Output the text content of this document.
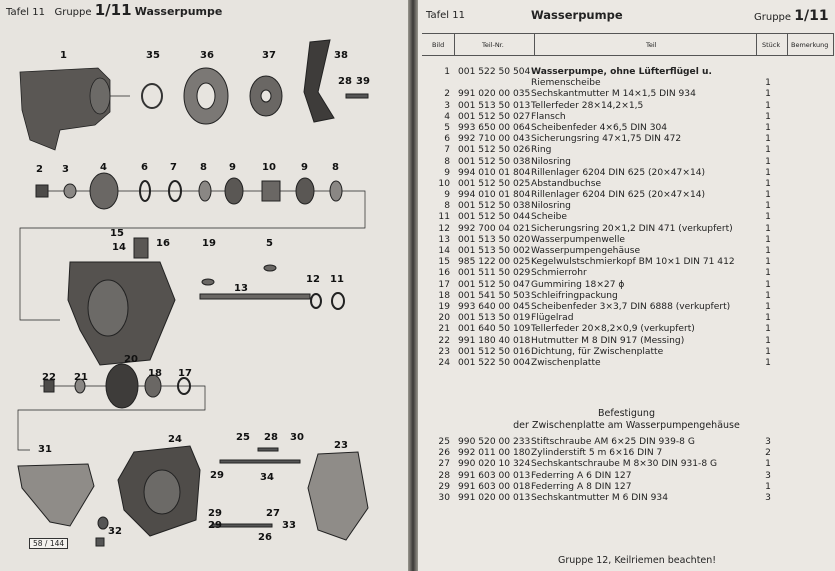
Tafel 11 Gruppe 1/11 Wasserpumpe
1	35	36	37	38
28 39
2 3	4	6 7 8 9	10	9 8
15
16
14	19	5
13
12 11
20
22 21	18 17
24	25 28 30
31	23
29	34
29	27
29	33
26
32
58 / 144
Tafel 11	Wasserpumpe	Gruppe 1/11
Bild	Teil-Nr.	Teil	Stück Bemerkung
1 001 522 50 504 Wasserpumpe, ohne Lüfterflügel u.
Riemenscheibe	1
2 991 020 00 035 Sechskantmutter M 14×1,5 DIN 934	1
3 001 513 50 013 Tellerfeder 28×14,2×1,5	1
4 001 512 50 027 Flansch	1
5 993 650 00 064 Scheibenfeder 4×6,5 DIN 304	1
6 992 710 00 043 Sicherungsring 47×1,75 DIN 472	1
7 001 512 50 026 Ring	1
8 001 512 50 038 Nilosring	1
9 994 010 01 804 Rillenlager 6204 DIN 625 (20×47×14)	1
10 001 512 50 025 Abstandbuchse	1
9 994 010 01 804 Rillenlager 6204 DIN 625 (20×47×14)	1
8 001 512 50 038 Nilosring	1
11 001 512 50 044 Scheibe	1
12 992 700 04 021 Sicherungsring 20×1,2 DIN 471 (verkupfert)	1
13 001 513 50 020 Wasserpumpenwelle	1
14 001 513 50 002 Wasserpumpengehäuse	1
15 985 122 00 025 Kegelwulstschmierkopf BM 10×1 DIN 71 412	1
16 001 511 50 029 Schmierrohr	1
17 001 512 50 047 Gummiring 18×27 ϕ	1
18 001 541 50 503 Schleifringpackung	1
19 993 640 00 045 Scheibenfeder 3×3,7 DIN 6888 (verkupfert)	1
20 001 513 50 019 Flügelrad	1
21 001 640 50 109 Tellerfeder 20×8,2×0,9 (verkupfert)	1
22 991 180 40 018 Hutmutter M 8 DIN 917 (Messing)	1
23 001 512 50 016 Dichtung, für Zwischenplatte	1
24 001 522 50 004 Zwischenplatte	1
Befestigung
der Zwischenplatte am Wasserpumpengehäuse
25 990 520 00 233 Stiftschraube AM 6×25 DIN 939-8 G	3
26 992 011 00 180 Zylinderstift 5 m 6×16 DIN 7	2
27 990 020 10 324 Sechskantschraube M 8×30 DIN 931-8 G	1
28 991 603 00 013 Federring A 6 DIN 127	3
29 991 603 00 018 Federring A 8 DIN 127	1
30 991 020 00 013 Sechskantmutter M 6 DIN 934	3
Gruppe 12, Keilriemen beachten!
